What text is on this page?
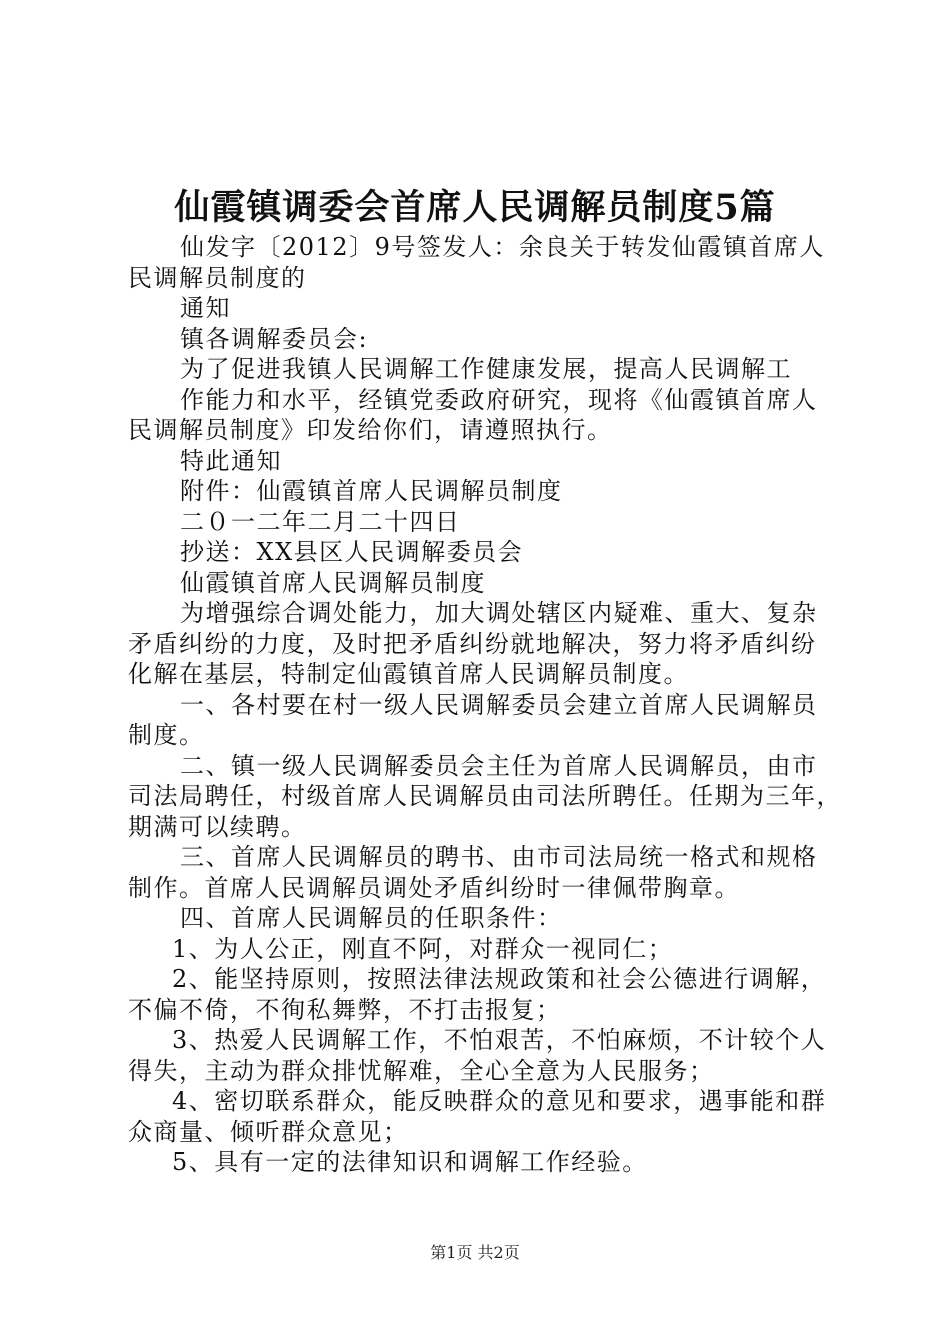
仙霞镇调委会首席人民调解员制度5篇

仙发字〔2012〕9号签发人：余良关于转发仙霞镇首席人

民调解员制度的

通知

镇各调解委员会:

为了促进我镇人民调解工作健康发展，提高人民调解工

作能力和水平，经镇党委政府研究，现将《仙霞镇首席人

民调解员制度》印发给你们，请遵照执行。

特此通知

附件：仙霞镇首席人民调解员制度

二０一二年二月二十四日

抄送：XX县区人民调解委员会

仙霞镇首席人民调解员制度

为增强综合调处能力，加大调处辖区内疑难、重大、复杂

矛盾纠纷的力度，及时把矛盾纠纷就地解决，努力将矛盾纠纷

化解在基层，特制定仙霞镇首席人民调解员制度。

一、各村要在村一级人民调解委员会建立首席人民调解员

制度。

二、镇一级人民调解委员会主任为首席人民调解员，由市

司法局聘任，村级首席人民调解员由司法所聘任。任期为三年，

期满可以续聘。

三、首席人民调解员的聘书、由市司法局统一格式和规格

制作。首席人民调解员调处矛盾纠纷时一律佩带胸章。

四、首席人民调解员的任职条件：

1、为人公正，刚直不阿，对群众一视同仁；

2、能坚持原则，按照法律法规政策和社会公德进行调解，

不偏不倚，不徇私舞弊，不打击报复；

3、热爱人民调解工作，不怕艰苦，不怕麻烦，不计较个人

得失，主动为群众排忧解难，全心全意为人民服务；

4、密切联系群众，能反映群众的意见和要求，遇事能和群

众商量、倾听群众意见；

5、具有一定的法律知识和调解工作经验。

第1页 共2页
